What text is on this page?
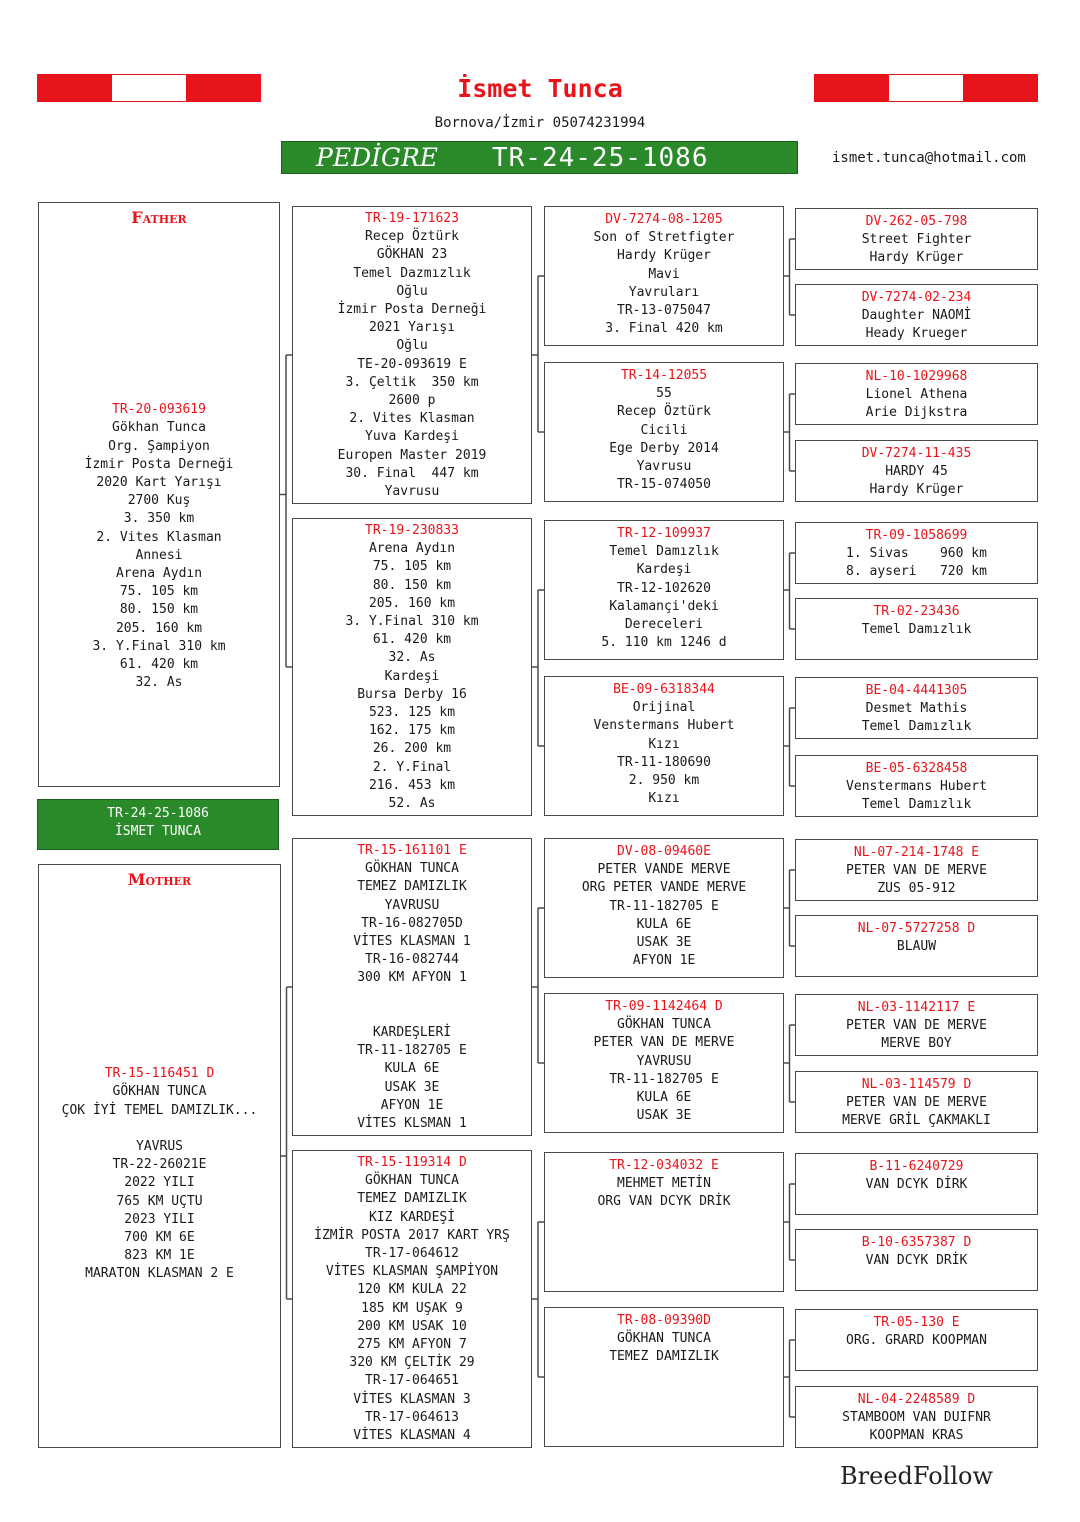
İsmet Tunca
Bornova/İzmir 05074231994
PEDİGRE	TR-24-25-1086	ismet.tunca@hotmail.com
Father
TR-20-093619
Gökhan Tunca
Org. Şampiyon
İzmir Posta Derneği
2020 Kart Yarışı
2700 Kuş
3. 350 km
2. Vites Klasman
Annesi
Arena Aydın
75. 105 km
80. 150 km
205. 160 km
3. Y.Final 310 km
61. 420 km
32. As
TR-24-25-1086
İSMET TUNCA
Mother
TR-15-116451 D
GÖKHAN TUNCA
ÇOK İYİ TEMEL DAMIZLIK...

YAVRUS
TR-22-26021E
2022 YILI
765 KM UÇTU
2023 YILI
700 KM 6E
823 KM 1E
MARATON KLASMAN 2 E
TR-19-171623
Recep Öztürk
GÖKHAN 23
Temel Dazmızlık
Oğlu
İzmir Posta Derneği
2021 Yarışı
Oğlu
TE-20-093619 E
3. Çeltik  350 km
2600 p
2. Vites Klasman
Yuva Kardeşi
Europen Master 2019
30. Final  447 km
Yavrusu
TR-19-230833
Arena Aydın
75. 105 km
80. 150 km
205. 160 km
3. Y.Final 310 km
61. 420 km
32. As
Kardeşi
Bursa Derby 16
523. 125 km
162. 175 km
26. 200 km
2. Y.Final
216. 453 km
52. As
TR-15-161101 E
GÖKHAN TUNCA
TEMEZ DAMIZLIK
YAVRUSU
TR-16-082705D
VİTES KLASMAN 1
TR-16-082744
300 KM AFYON 1

KARDEŞLERİ
TR-11-182705 E
KULA 6E
USAK 3E
AFYON 1E
VİTES KLSMAN 1
TR-15-119314 D
GÖKHAN TUNCA
TEMEZ DAMIZLIK
KIZ KARDEŞİ
İZMİR POSTA 2017 KART YRŞ
TR-17-064612
VİTES KLASMAN ŞAMPİYON
120 KM KULA 22
185 KM UŞAK 9
200 KM USAK 10
275 KM AFYON 7
320 KM ÇELTİK 29
TR-17-064651
VİTES KLASMAN 3
TR-17-064613
VİTES KLASMAN 4
DV-7274-08-1205
Son of Stretfigter
Hardy Krüger
Mavi
Yavruları
TR-13-075047
3. Final 420 km
TR-14-12055
55
Recep Öztürk
Cicili
Ege Derby 2014
Yavrusu
TR-15-074050
TR-12-109937
Temel Damızlık
Kardeşi
TR-12-102620
Kalamançi'deki
Dereceleri
5. 110 km 1246 d
BE-09-6318344
Orijinal
Venstermans Hubert
Kızı
TR-11-180690
2. 950 km
Kızı
DV-08-09460E
PETER VANDE MERVE
ORG PETER VANDE MERVE
TR-11-182705 E
KULA 6E
USAK 3E
AFYON 1E
TR-09-1142464 D
GÖKHAN TUNCA
PETER VAN DE MERVE
YAVRUSU
TR-11-182705 E
KULA 6E
USAK 3E
TR-12-034032 E
MEHMET METİN
ORG VAN DCYK DRİK
TR-08-09390D
GÖKHAN TUNCA
TEMEZ DAMIZLIK
DV-262-05-798
Street Fighter
Hardy Krüger
DV-7274-02-234
Daughter NAOMİ
Heady Krueger
NL-10-1029968
Lionel Athena
Arie Dijkstra
DV-7274-11-435
HARDY 45
Hardy Krüger
TR-09-1058699
1. Sivas    960 km
8. ayseri   720 km
TR-02-23436
Temel Damızlık
BE-04-4441305
Desmet Mathis
Temel Damızlık
BE-05-6328458
Venstermans Hubert
Temel Damızlık
NL-07-214-1748 E
PETER VAN DE MERVE
ZUS 05-912
NL-07-5727258 D
BLAUW
NL-03-1142117 E
PETER VAN DE MERVE
MERVE BOY
NL-03-114579 D
PETER VAN DE MERVE
MERVE GRİL ÇAKMAKLI
B-11-6240729
VAN DCYK DİRK
B-10-6357387 D
VAN DCYK DRİK
TR-05-130 E
ORG. GRARD KOOPMAN
NL-04-2248589 D
STAMBOOM VAN DUIFNR
KOOPMAN KRAS
BreedFollow
